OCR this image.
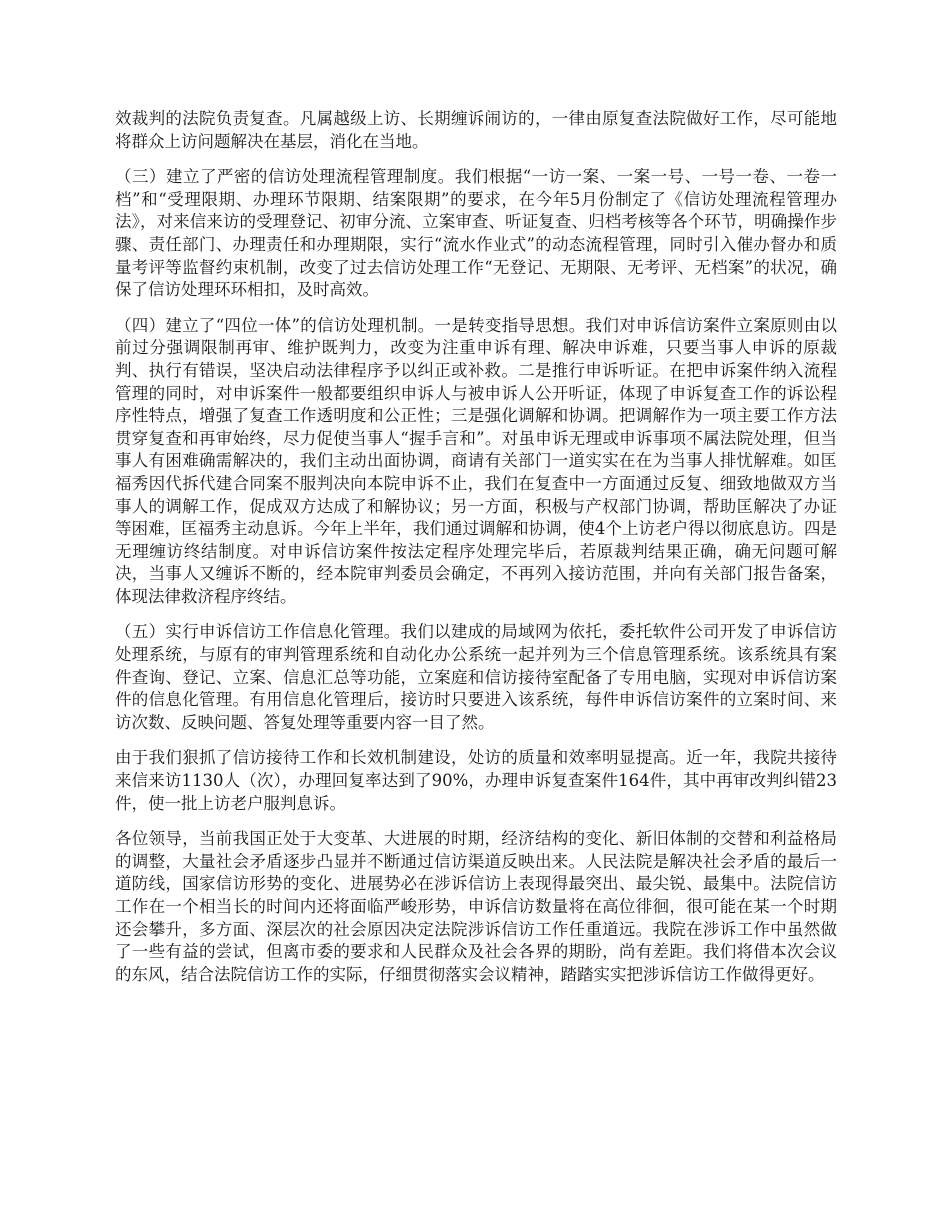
效裁判的法院负责复查。凡属越级上访、长期缠诉闹访的，一律由原复查法院做好工作，尽可能地将群众上访问题解决在基层，消化在当地。

（三）建立了严密的信访处理流程管理制度。我们根据“一访一案、一案一号、一号一卷、一卷一档”和“受理限期、办理环节限期、结案限期”的要求，在今年5月份制定了《信访处理流程管理办法》，对来信来访的受理登记、初审分流、立案审查、听证复查、归档考核等各个环节，明确操作步骤、责任部门、办理责任和办理期限，实行“流水作业式”的动态流程管理，同时引入催办督办和质量考评等监督约束机制，改变了过去信访处理工作“无登记、无期限、无考评、无档案”的状况，确保了信访处理环环相扣，及时高效。

（四）建立了“四位一体”的信访处理机制。一是转变指导思想。我们对申诉信访案件立案原则由以前过分强调限制再审、维护既判力，改变为注重申诉有理、解决申诉难，只要当事人申诉的原裁判、执行有错误，坚决启动法律程序予以纠正或补救。二是推行申诉听证。在把申诉案件纳入流程管理的同时，对申诉案件一般都要组织申诉人与被申诉人公开听证，体现了申诉复查工作的诉讼程序性特点，增强了复查工作透明度和公正性；三是强化调解和协调。把调解作为一项主要工作方法贯穿复查和再审始终，尽力促使当事人“握手言和”。对虽申诉无理或申诉事项不属法院处理，但当事人有困难确需解决的，我们主动出面协调，商请有关部门一道实实在在为当事人排忧解难。如匡福秀因代拆代建合同案不服判决向本院申诉不止，我们在复查中一方面通过反复、细致地做双方当事人的调解工作，促成双方达成了和解协议；另一方面，积极与产权部门协调，帮助匡解决了办证等困难，匡福秀主动息诉。今年上半年，我们通过调解和协调，使4个上访老户得以彻底息访。四是无理缠访终结制度。对申诉信访案件按法定程序处理完毕后，若原裁判结果正确，确无问题可解决，当事人又缠诉不断的，经本院审判委员会确定，不再列入接访范围，并向有关部门报告备案，体现法律救济程序终结。

（五）实行申诉信访工作信息化管理。我们以建成的局域网为依托，委托软件公司开发了申诉信访处理系统，与原有的审判管理系统和自动化办公系统一起并列为三个信息管理系统。该系统具有案件查询、登记、立案、信息汇总等功能，立案庭和信访接待室配备了专用电脑，实现对申诉信访案件的信息化管理。有用信息化管理后，接访时只要进入该系统，每件申诉信访案件的立案时间、来访次数、反映问题、答复处理等重要内容一目了然。

由于我们狠抓了信访接待工作和长效机制建设，处访的质量和效率明显提高。近一年，我院共接待来信来访1130人（次），办理回复率达到了90%，办理申诉复查案件164件，其中再审改判纠错23件，使一批上访老户服判息诉。

各位领导，当前我国正处于大变革、大进展的时期，经济结构的变化、新旧体制的交替和利益格局的调整，大量社会矛盾逐步凸显并不断通过信访渠道反映出来。人民法院是解决社会矛盾的最后一道防线，国家信访形势的变化、进展势必在涉诉信访上表现得最突出、最尖锐、最集中。法院信访工作在一个相当长的时间内还将面临严峻形势，申诉信访数量将在高位徘徊，很可能在某一个时期还会攀升，多方面、深层次的社会原因决定法院涉诉信访工作任重道远。我院在涉诉工作中虽然做了一些有益的尝试，但离市委的要求和人民群众及社会各界的期盼，尚有差距。我们将借本次会议的东风，结合法院信访工作的实际，仔细贯彻落实会议精神，踏踏实实把涉诉信访工作做得更好。
